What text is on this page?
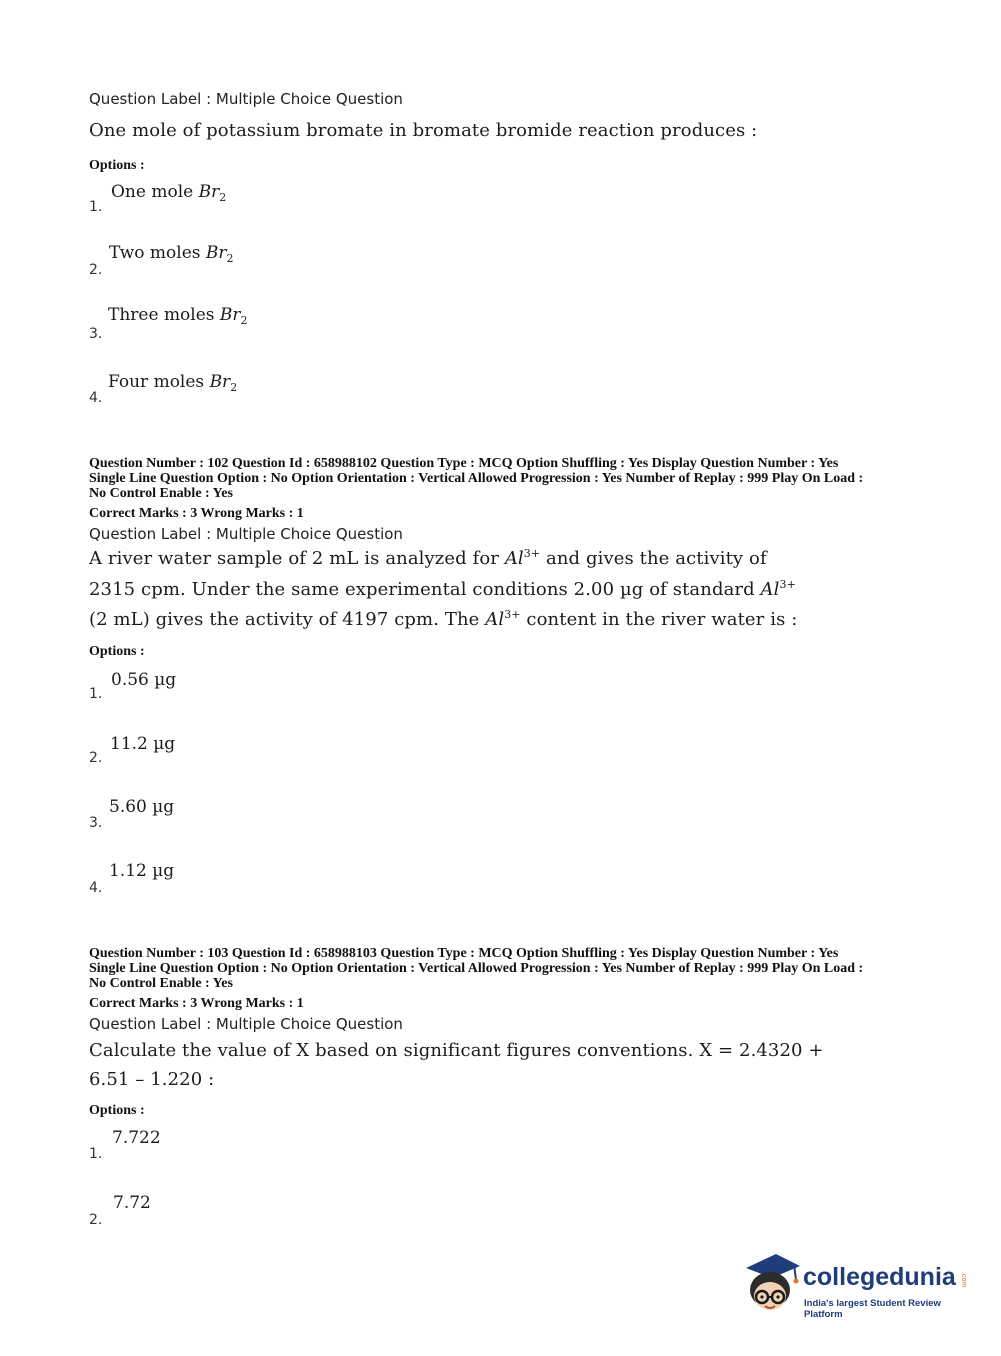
Question Label : Multiple Choice Question
One mole of potassium bromate in bromate bromide reaction produces :
Options :
1.
One mole $Br_2$
2.
Two moles $Br_2$
3.
Three moles $Br_2$
4.
Four moles $Br_2$
Question Number : 102 Question Id : 658988102 Question Type : MCQ Option Shuffling : Yes Display Question Number : Yes
Single Line Question Option : No Option Orientation : Vertical Allowed Progression : Yes Number of Replay : 999 Play On Load :
No Control Enable : Yes
Correct Marks : 3 Wrong Marks : 1
Question Label : Multiple Choice Question
A river water sample of 2 mL is analyzed for $Al^{3+}$ and gives the activity of
2315 cpm. Under the same experimental conditions 2.00 µg of standard $Al^{3+}$
(2 mL) gives the activity of 4197 cpm. The $Al^{3+}$ content in the river water is :
Options :
1.
0.56 µg
2.
11.2 µg
3.
5.60 µg
4.
1.12 µg
Question Number : 103 Question Id : 658988103 Question Type : MCQ Option Shuffling : Yes Display Question Number : Yes
Single Line Question Option : No Option Orientation : Vertical Allowed Progression : Yes Number of Replay : 999 Play On Load :
No Control Enable : Yes
Correct Marks : 3 Wrong Marks : 1
Question Label : Multiple Choice Question
Calculate the value of X based on significant figures conventions. X = 2.4320 +
6.51 – 1.220 :
Options :
1.
7.722
2.
7.72
collegedunia .com
India's largest Student Review Platform
